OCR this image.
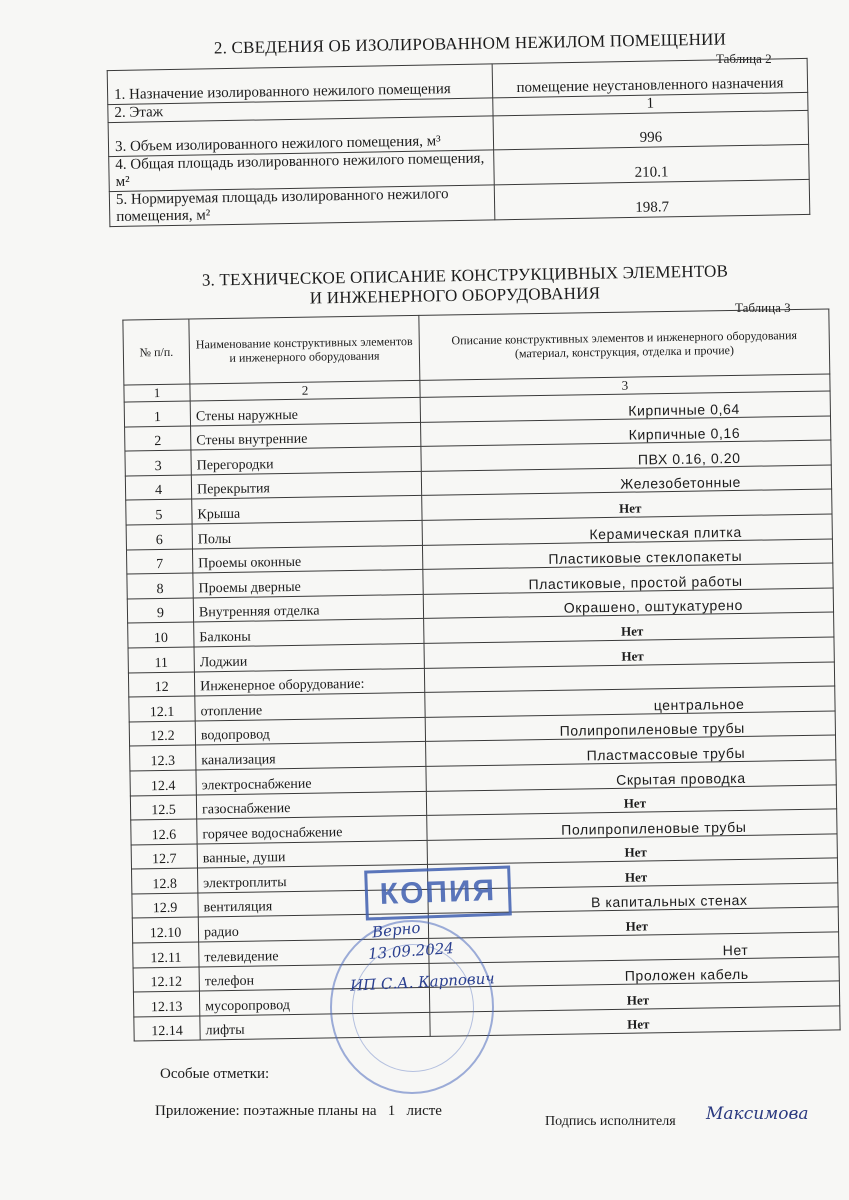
2. СВЕДЕНИЯ ОБ ИЗОЛИРОВАННОМ НЕЖИЛОМ ПОМЕЩЕНИИ
Таблица 2
1. Назначение изолированного нежилого помещения	помещение неустановленного назначения
2. Этаж	1
3. Объем изолированного нежилого помещения, м³	996
4. Общая площадь изолированного нежилого помещения, м²	210.1
5. Нормируемая площадь изолированного нежилого помещения, м²	198.7
3. ТЕХНИЧЕСКОЕ ОПИСАНИЕ КОНСТРУКЦИВНЫХ ЭЛЕМЕНТОВ
И ИНЖЕНЕРНОГО ОБОРУДОВАНИЯ	Таблица 3
№ п/п.	Наименование конструктивных элементов и инженерного оборудования	Описание конструктивных элементов и инженерного оборудования
(материал, конструкция, отделка и прочие)

1	2	3
1	Стены наружные	Кирпичные 0,64
2	Стены внутренние	Кирпичные 0,16
3	Перегородки	ПВХ 0.16, 0.20
4	Перекрытия	Железобетонные
5	Крыша	Нет
6	Полы	Керамическая плитка
7	Проемы оконные	Пластиковые стеклопакеты
8	Проемы дверные	Пластиковые, простой работы
9	Внутренняя отделка	Окрашено, оштукатурено
10	Балконы	Нет
11	Лоджии	Нет
12	Инженерное оборудование:	
12.1	отопление	центральное
12.2	водопровод	Полипропиленовые трубы
12.3	канализация	Пластмассовые трубы
12.4	электроснабжение	Скрытая проводка
12.5	газоснабжение	Нет
12.6	горячее водоснабжение	Полипропиленовые трубы
12.7	ванные, души	Нет
12.8	электроплиты	Нет
12.9	вентиляция	В капитальных стенах
12.10	радио	Нет
12.11	телевидение	Нет
12.12	телефон	Проложен кабель
12.13	мусоропровод	Нет
12.14	лифты	Нет
Особые отметки:
Приложение: поэтажные планы на   1   листе
Подпись исполнителя Максимова
КОПИЯ
Верно
13.09.2024
ИП С.А. Карпович
